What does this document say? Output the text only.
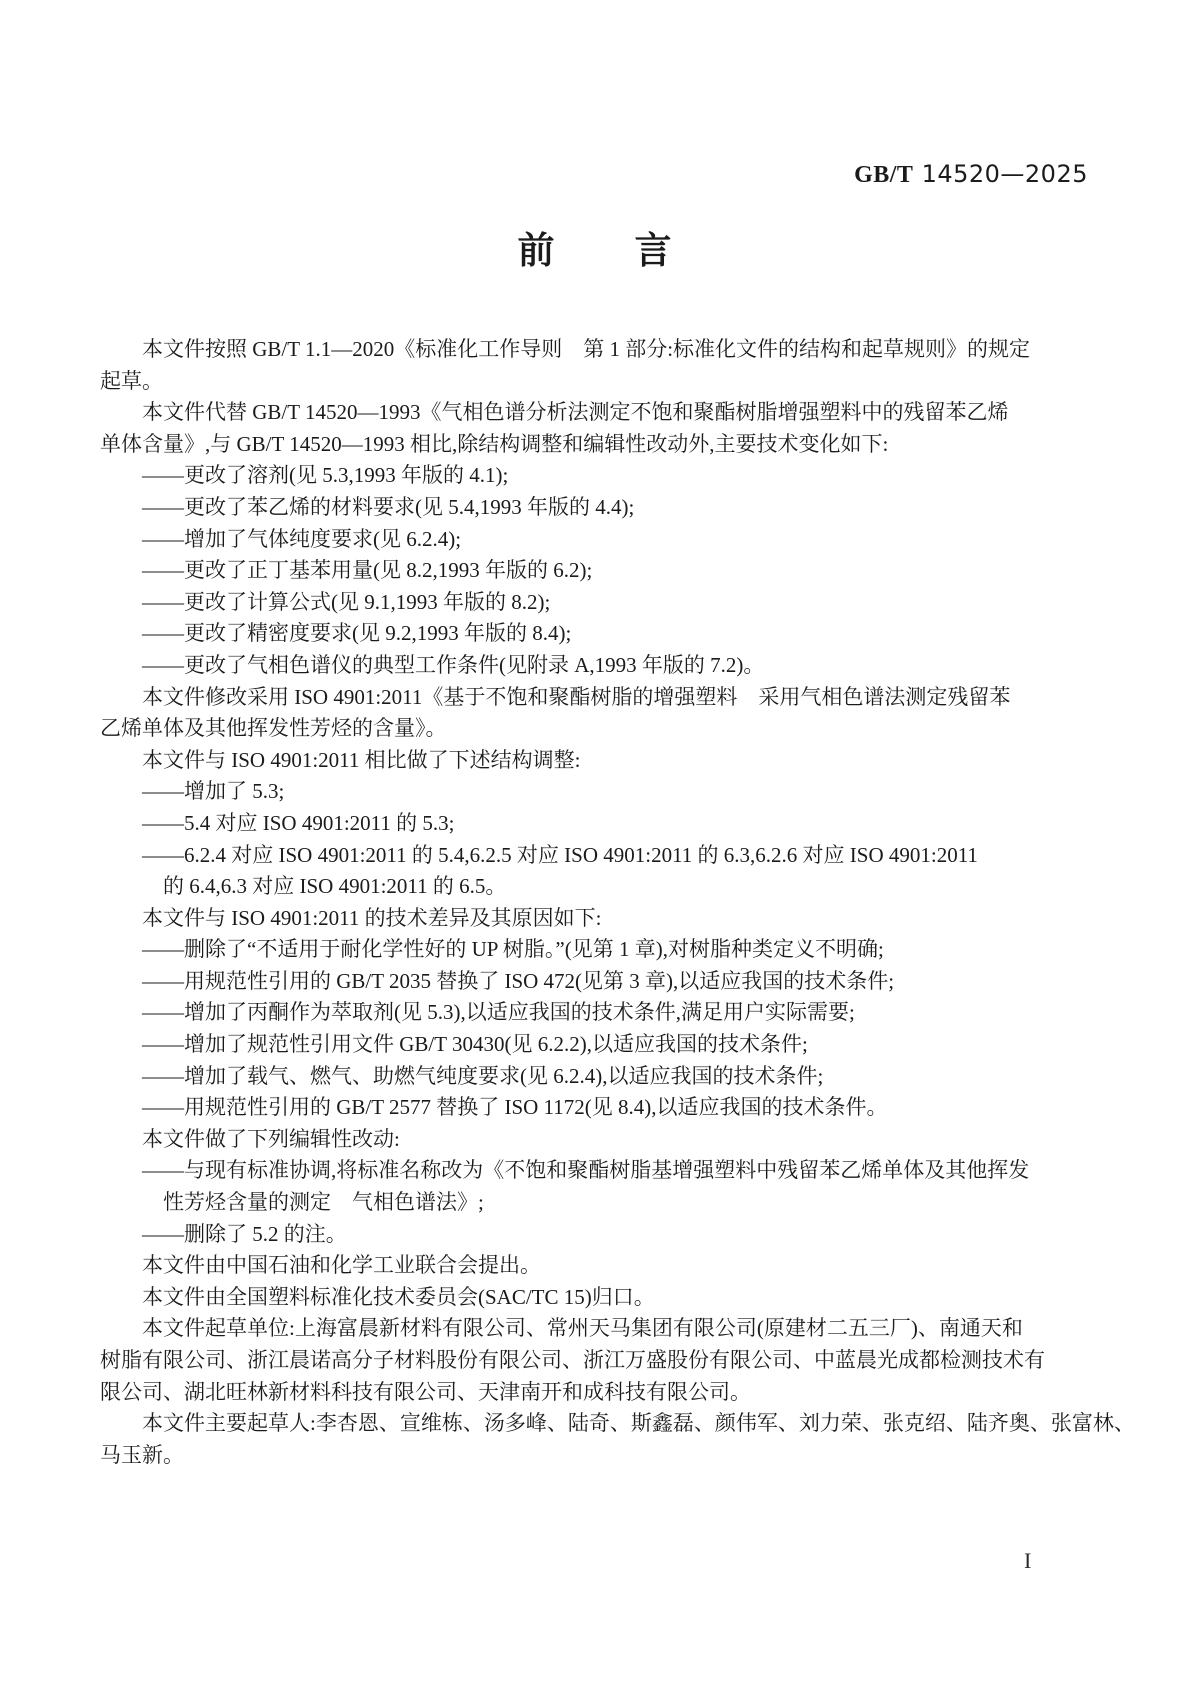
GB/T 14520—2025

前　　言

本文件按照 GB/T 1.1—2020《标准化工作导则　第 1 部分:标准化文件的结构和起草规则》的规定

起草。

本文件代替 GB/T 14520—1993《气相色谱分析法测定不饱和聚酯树脂增强塑料中的残留苯乙烯

单体含量》,与 GB/T 14520—1993 相比,除结构调整和编辑性改动外,主要技术变化如下:

——更改了溶剂(见 5.3,1993 年版的 4.1);

——更改了苯乙烯的材料要求(见 5.4,1993 年版的 4.4);

——增加了气体纯度要求(见 6.2.4);

——更改了正丁基苯用量(见 8.2,1993 年版的 6.2);

——更改了计算公式(见 9.1,1993 年版的 8.2);

——更改了精密度要求(见 9.2,1993 年版的 8.4);

——更改了气相色谱仪的典型工作条件(见附录 A,1993 年版的 7.2)。

本文件修改采用 ISO 4901:2011《基于不饱和聚酯树脂的增强塑料　采用气相色谱法测定残留苯

乙烯单体及其他挥发性芳烃的含量》。

本文件与 ISO 4901:2011 相比做了下述结构调整:

——增加了 5.3;

——5.4 对应 ISO 4901:2011 的 5.3;

——6.2.4 对应 ISO 4901:2011 的 5.4,6.2.5 对应 ISO 4901:2011 的 6.3,6.2.6 对应 ISO 4901:2011

的 6.4,6.3 对应 ISO 4901:2011 的 6.5。

本文件与 ISO 4901:2011 的技术差异及其原因如下:

——删除了“不适用于耐化学性好的 UP 树脂。”(见第 1 章),对树脂种类定义不明确;

——用规范性引用的 GB/T 2035 替换了 ISO 472(见第 3 章),以适应我国的技术条件;

——增加了丙酮作为萃取剂(见 5.3),以适应我国的技术条件,满足用户实际需要;

——增加了规范性引用文件 GB/T 30430(见 6.2.2),以适应我国的技术条件;

——增加了载气、燃气、助燃气纯度要求(见 6.2.4),以适应我国的技术条件;

——用规范性引用的 GB/T 2577 替换了 ISO 1172(见 8.4),以适应我国的技术条件。

本文件做了下列编辑性改动:

——与现有标准协调,将标准名称改为《不饱和聚酯树脂基增强塑料中残留苯乙烯单体及其他挥发

性芳烃含量的测定　气相色谱法》;

——删除了 5.2 的注。

本文件由中国石油和化学工业联合会提出。

本文件由全国塑料标准化技术委员会(SAC/TC 15)归口。

本文件起草单位:上海富晨新材料有限公司、常州天马集团有限公司(原建材二五三厂)、南通天和

树脂有限公司、浙江晨诺高分子材料股份有限公司、浙江万盛股份有限公司、中蓝晨光成都检测技术有

限公司、湖北旺林新材料科技有限公司、天津南开和成科技有限公司。

本文件主要起草人:李杏恩、宣维栋、汤多峰、陆奇、斯鑫磊、颜伟军、刘力荣、张克绍、陆齐奥、张富林、

马玉新。

I
